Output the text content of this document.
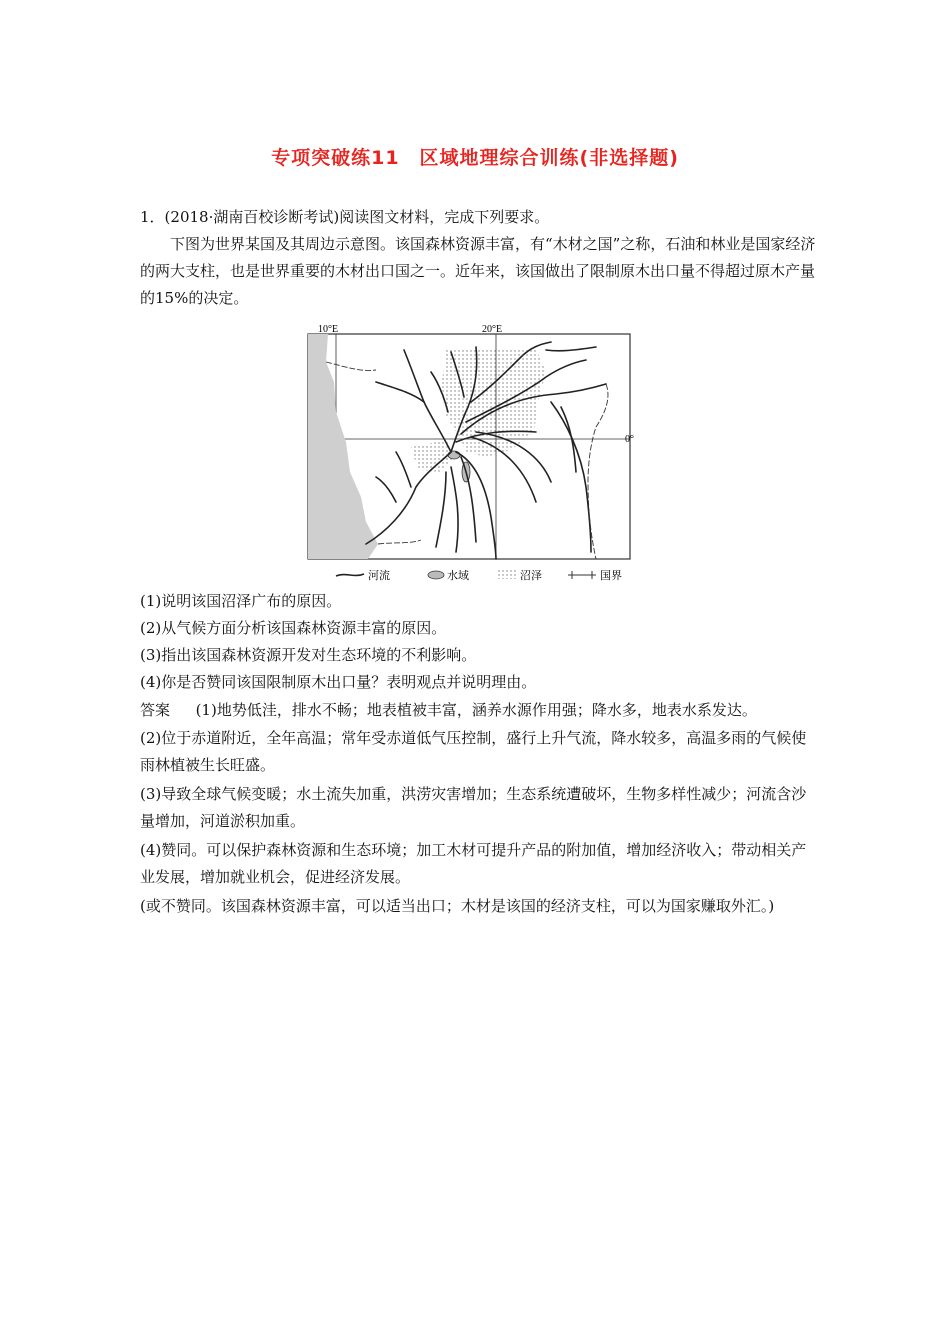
专项突破练11　区域地理综合训练(非选择题)
1．(2018·湖南百校诊断考试)阅读图文材料，完成下列要求。
下图为世界某国及其周边示意图。该国森林资源丰富，有“木材之国”之称，石油和林业是国家经济的两大支柱，也是世界重要的木材出口国之一。近年来，该国做出了限制原木出口量不得超过原木产量的15%的决定。
10°E	20°E
0°
河流	水域	沼泽	国界
(1)说明该国沼泽广布的原因。
(2)从气候方面分析该国森林资源丰富的原因。
(3)指出该国森林资源开发对生态环境的不利影响。
(4)你是否赞同该国限制原木出口量？表明观点并说明理由。
答案 (1)地势低洼，排水不畅；地表植被丰富，涵养水源作用强；降水多，地表水系发达。
(2)位于赤道附近，全年高温；常年受赤道低气压控制，盛行上升气流，降水较多，高温多雨的气候使雨林植被生长旺盛。
(3)导致全球气候变暖；水土流失加重，洪涝灾害增加；生态系统遭破坏，生物多样性减少；河流含沙量增加，河道淤积加重。
(4)赞同。可以保护森林资源和生态环境；加工木材可提升产品的附加值，增加经济收入；带动相关产业发展，增加就业机会，促进经济发展。
(或不赞同。该国森林资源丰富，可以适当出口；木材是该国的经济支柱，可以为国家赚取外汇。)
